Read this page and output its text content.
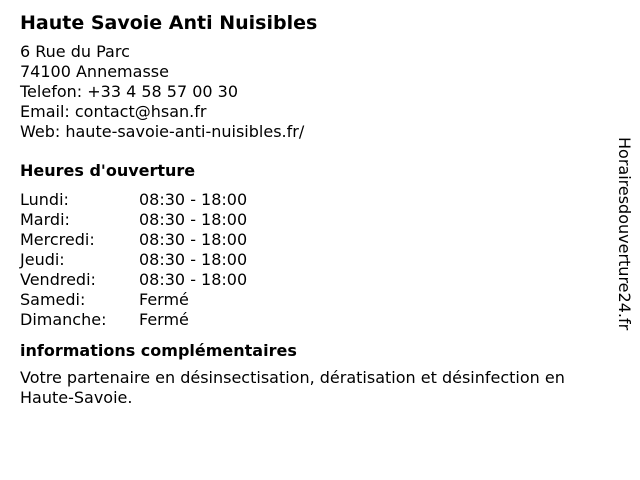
Haute Savoie Anti Nuisibles
6 Rue du Parc
74100 Annemasse
Telefon: +33 4 58 57 00 30
Email: contact@hsan.fr
Web: haute-savoie-anti-nuisibles.fr/
Heures d'ouverture
Lundi:	08:30 - 18:00
Mardi:	08:30 - 18:00
Mercredi:	08:30 - 18:00
Jeudi:	08:30 - 18:00
Vendredi:	08:30 - 18:00
Samedi:	Fermé
Dimanche:	Fermé
informations complémentaires
Votre partenaire en désinsectisation, dératisation et désinfection en Haute-Savoie.
Horairesdouverture24.fr
